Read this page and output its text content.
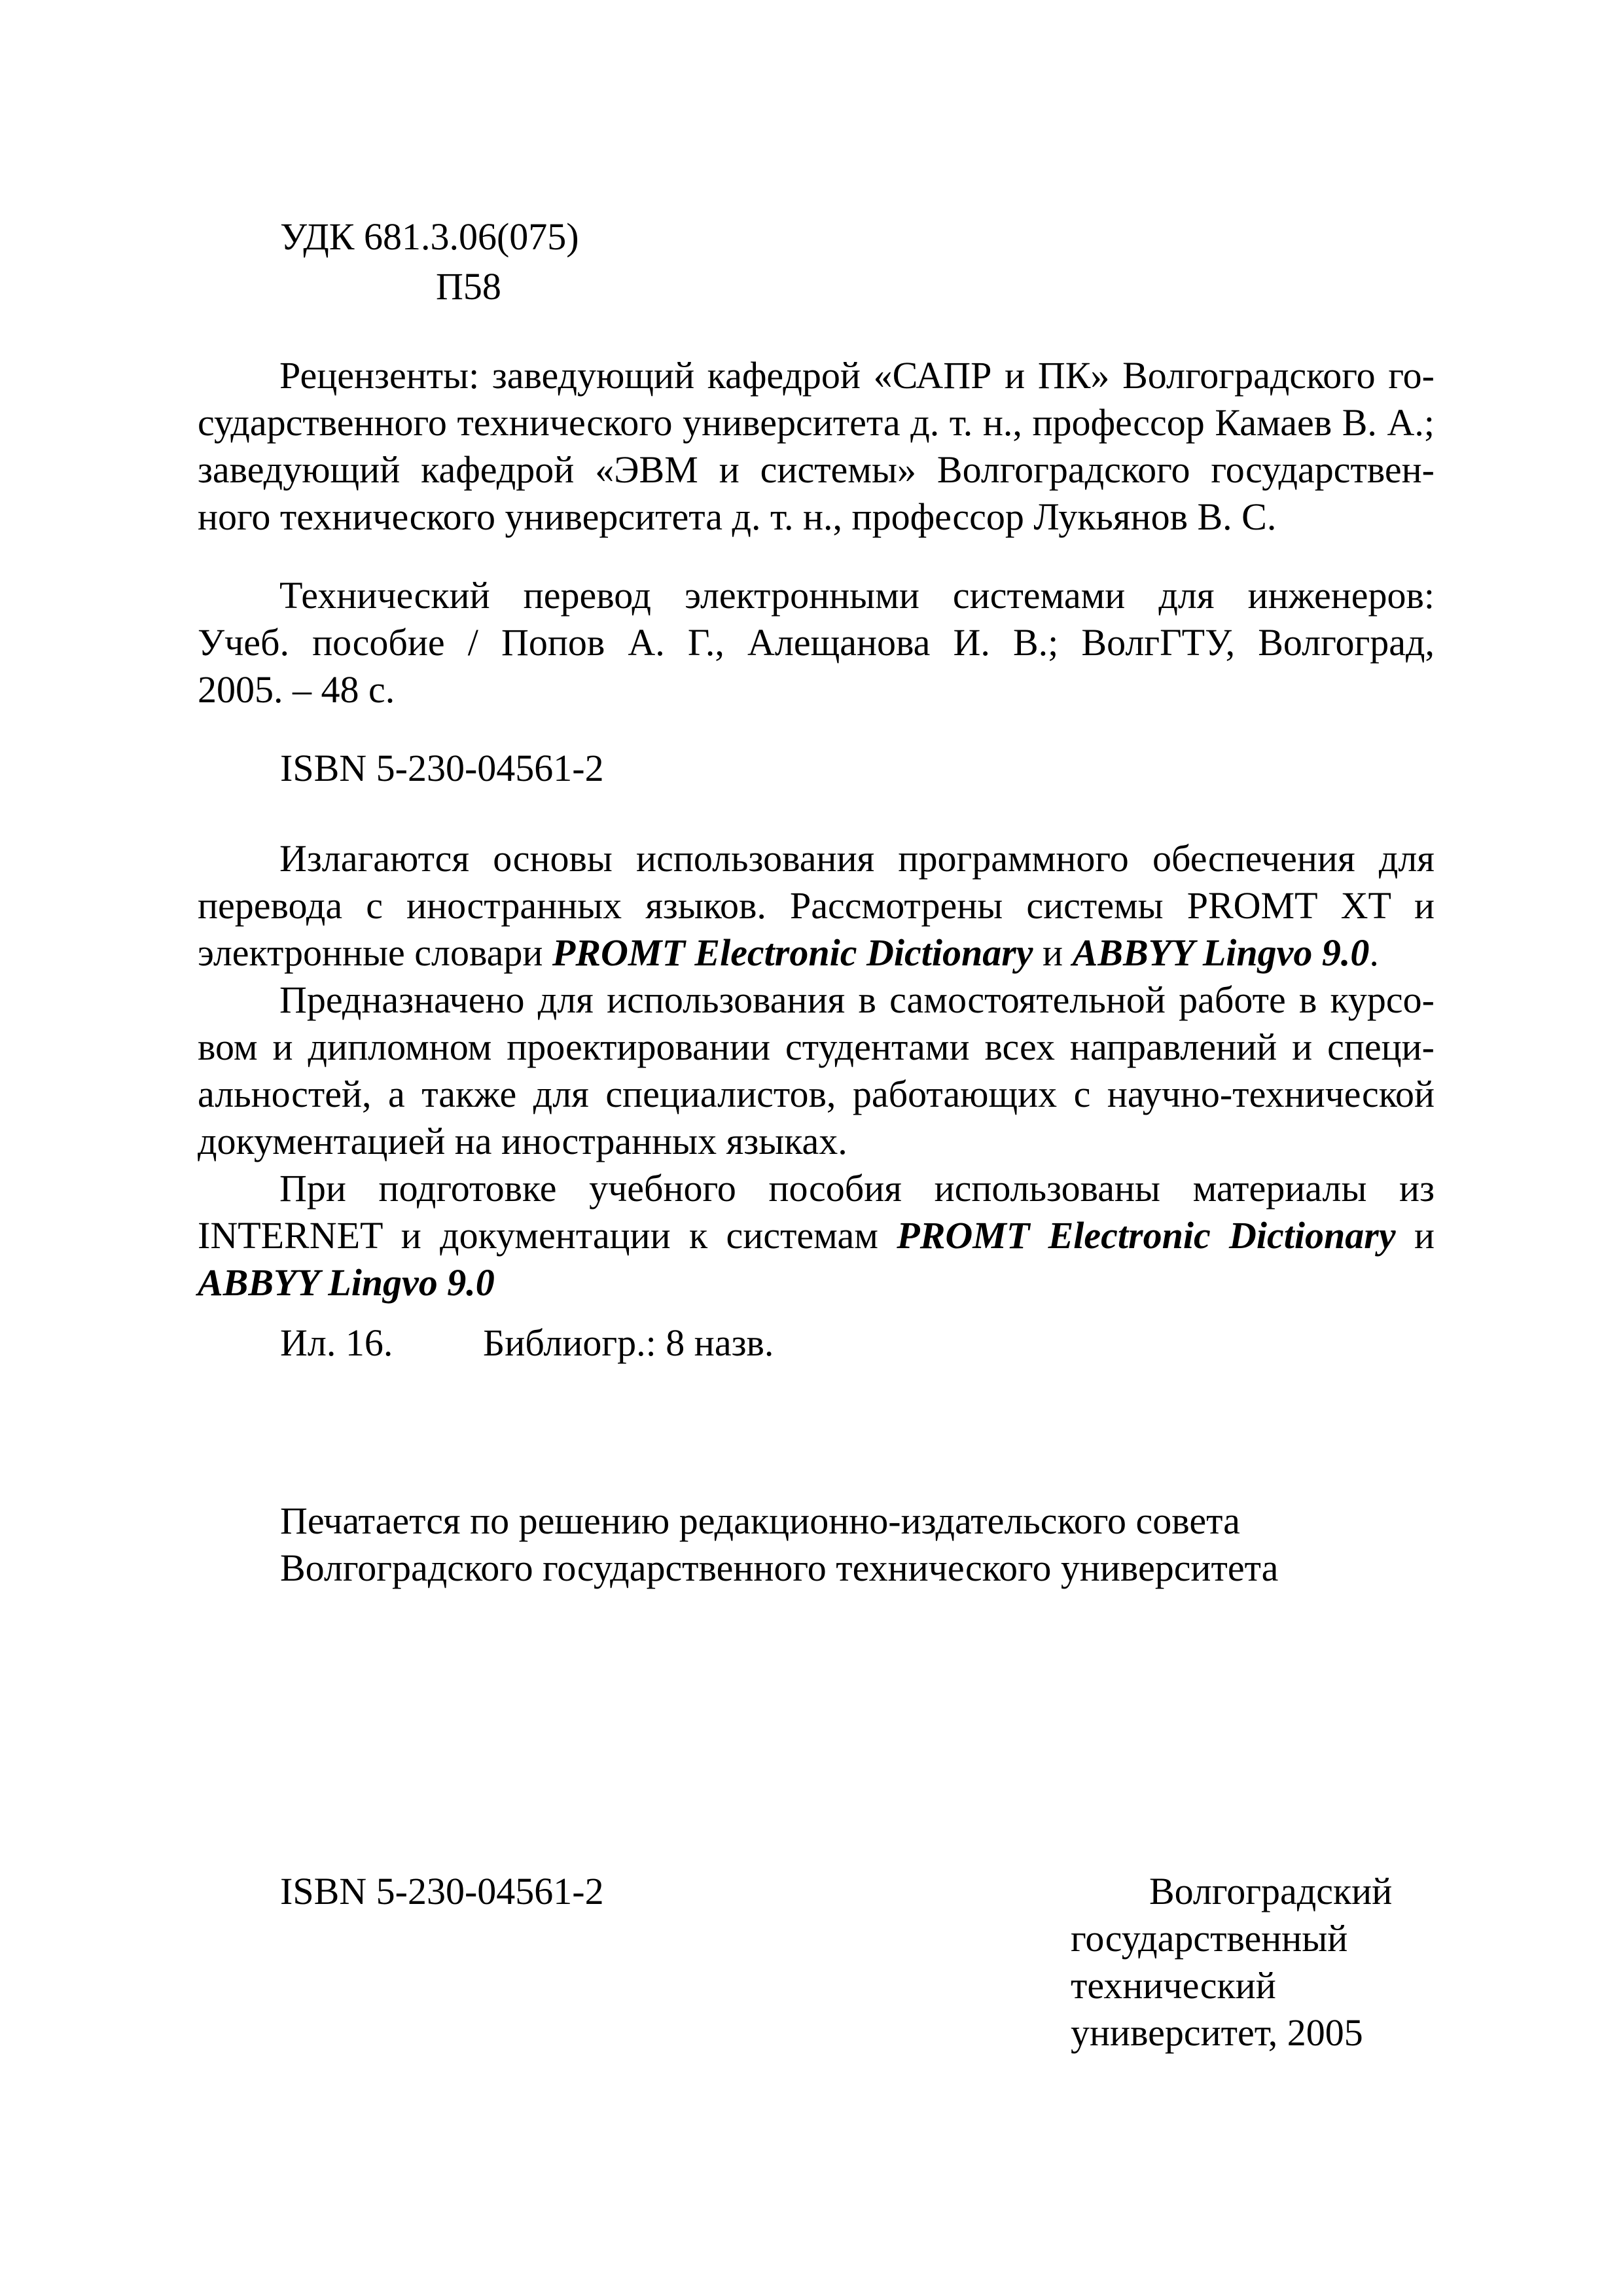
УДК 681.3.06(075)
П58
Рецензенты: заведующий кафедрой «САПР и ПК» Волгоградского го-
сударственного технического университета д. т. н., профессор Камаев В. А.;
заведующий кафедрой «ЭВМ и системы» Волгоградского государствен-
ного технического университета д. т. н., профессор Лукьянов В. С.
Технический перевод электронными системами для инженеров:
Учеб. пособие / Попов А. Г., Алещанова И. В.; ВолгГТУ, Волгоград,
2005. – 48 с.
ISBN 5-230-04561-2
Излагаются основы использования программного обеспечения для
перевода с иностранных языков. Рассмотрены системы PROMT XT и
электронные словари PROMT Electronic Dictionary и ABBYY Lingvo 9.0.
Предназначено для использования в самостоятельной работе в курсо-
вом и дипломном проектировании студентами всех направлений и специ-
альностей, а также для специалистов, работающих с научно-технической
документацией на иностранных языках.
При подготовке учебного пособия использованы материалы из
INTERNET и документации к системам PROMT Electronic Dictionary и
ABBYY Lingvo 9.0
Ил. 16. Библиогр.: 8 назв.
Печатается по решению редакционно-издательского совета
Волгоградского государственного технического университета
ISBN 5-230-04561-2	Волгоградский
государственный
технический
университет, 2005
